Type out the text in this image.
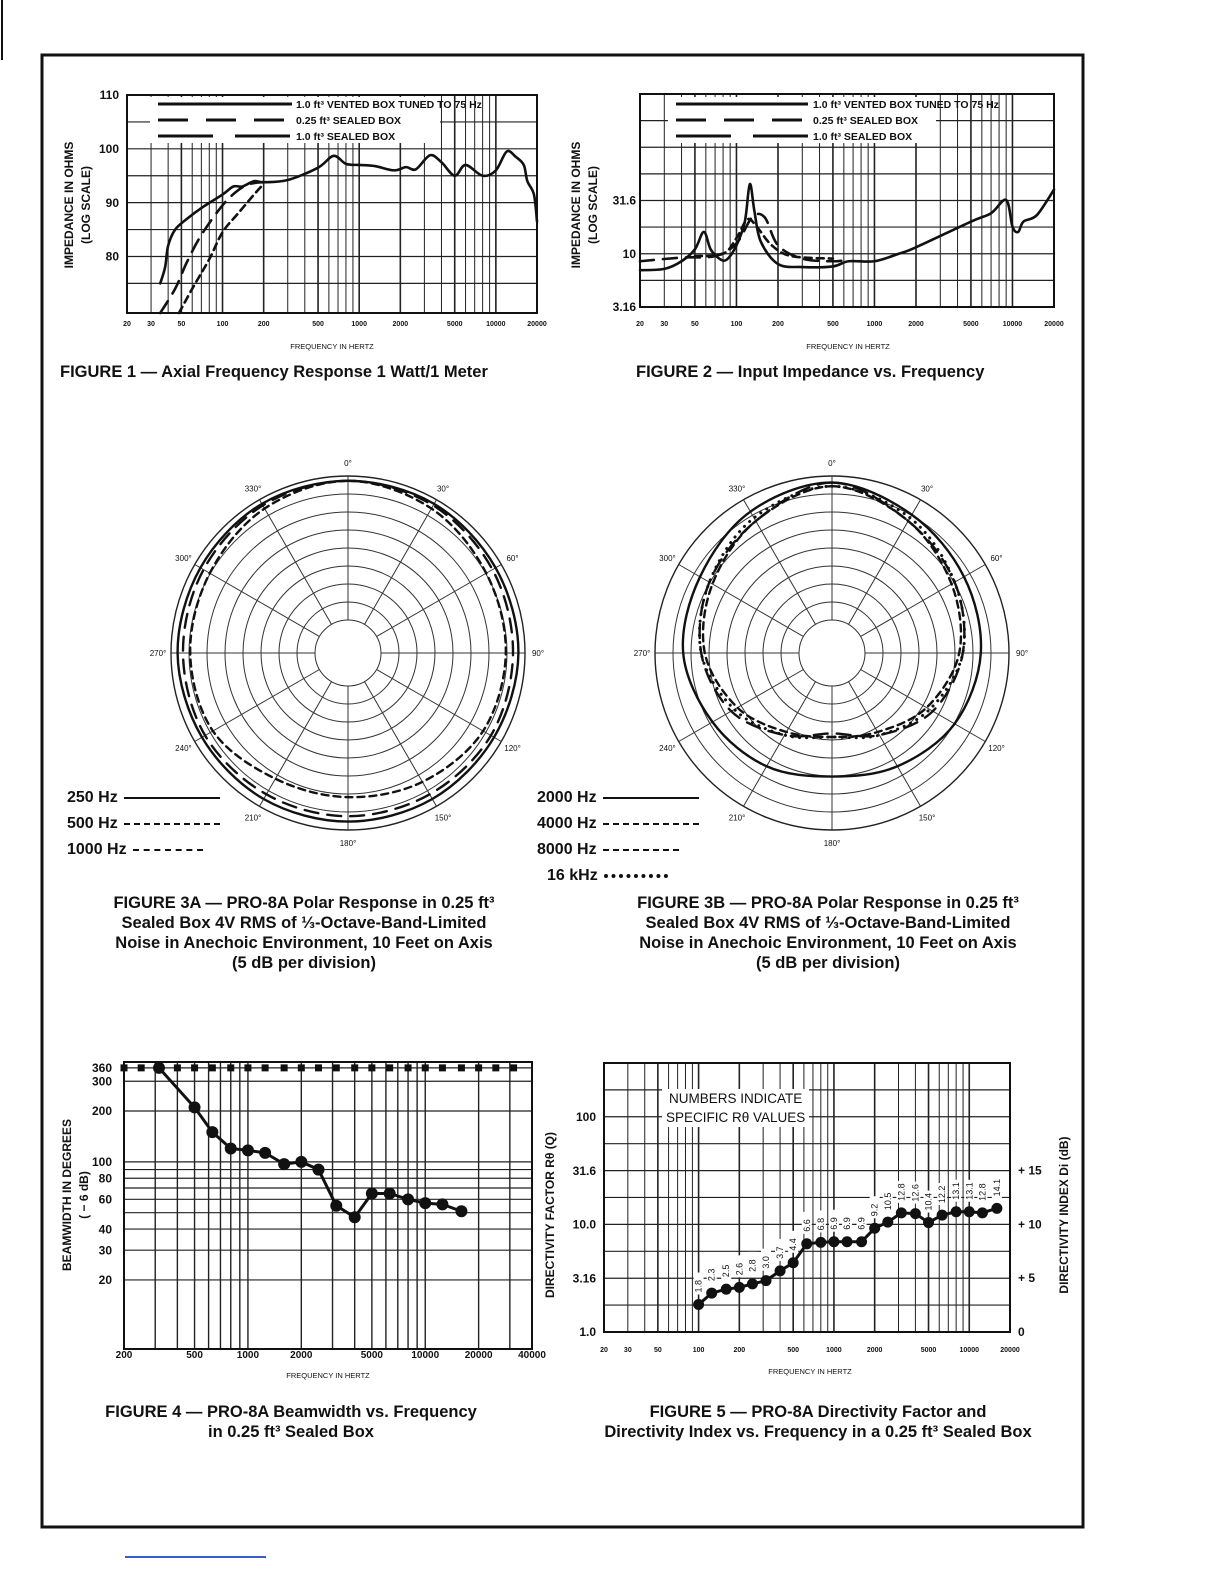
20 30	50	100	200	500	1000	2000	5000	10000	20000
110
100
90
80
FREQUENCY IN HERTZ
IMPEDANCE IN OHMS (LOG SCALE)
20 30	50	100	200	500	1000	2000	5000	10000	20000
31.6
10
3.16
FREQUENCY IN HERTZ
IMPEDANCE IN OHMS (LOG SCALE)
0°
30°
60°
90°
120°
150°
180°
210°
240°
270°
300°
330°
0°
30°
60°
90°
120°
150°
180°
210°
240°
270°
300°
330°
200	500	1000	2000	5000	10000	20000	40000
360
300
200
100
80
60
40
30
20
FREQUENCY IN HERTZ
BEAMWIDTH IN DEGREES ( − 6 dB)
1.8
2.3 2.5 2.6 2.8 3.0
3.7
4.4
6.6 6.8 6.9 6.9 6.9
9.2 10.5
12.8 12.6
10.4 12.2 13.1 13.1 12.8 14.1
20 30	50	100	200	500	1000	2000	5000	10000	20000
100
31.6
10.0
3.16
1.0
+ 15
+ 10
+ 5
0
FREQUENCY IN HERTZ
DIRECTIVITY FACTOR Rθ (Q)	DIRECTIVITY INDEX Di (dB)
1.0 ft³ VENTED BOX TUNED TO 75 Hz
0.25 ft³ SEALED BOX
1.0 ft³ SEALED BOX
1.0 ft³ VENTED BOX TUNED TO 75 Hz
0.25 ft³ SEALED BOX
1.0 ft³ SEALED BOX
FIGURE 1 — Axial Frequency Response 1 Watt/1 Meter	FIGURE 2 — Input Impedance vs. Frequency
250 Hz
500 Hz
1000 Hz
2000 Hz
4000 Hz
8000 Hz
16 kHz
FIGURE 3A — PRO-8A Polar Response in 0.25 ft³
Sealed Box 4V RMS of ⅓-Octave-Band-Limited
Noise in Anechoic Environment, 10 Feet on Axis
(5 dB per division)
FIGURE 3B — PRO-8A Polar Response in 0.25 ft³
Sealed Box 4V RMS of ⅓-Octave-Band-Limited
Noise in Anechoic Environment, 10 Feet on Axis
(5 dB per division)
NUMBERS INDICATE
SPECIFIC Rθ VALUES
FIGURE 4 — PRO-8A Beamwidth vs. Frequency
in 0.25 ft³ Sealed Box
FIGURE 5 — PRO-8A Directivity Factor and
Directivity Index vs. Frequency in a 0.25 ft³ Sealed Box
